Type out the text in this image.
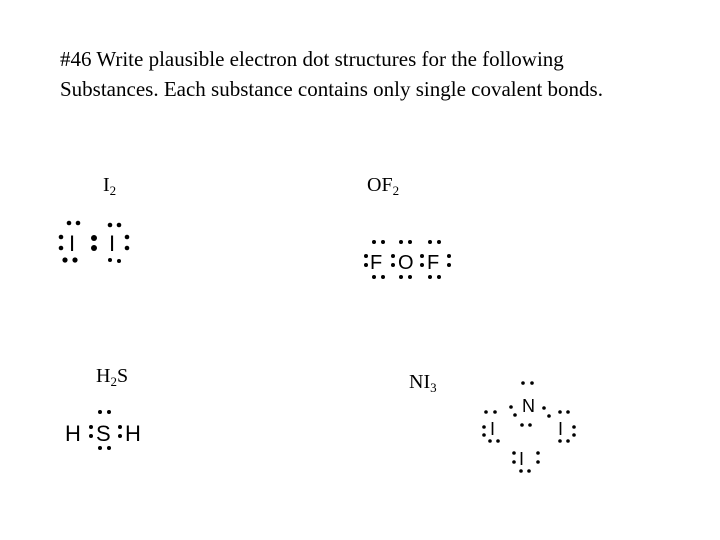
#46 Write plausible electron dot structures for the following
Substances. Each substance contains only single covalent bonds.

$I_2$	$OF_2$
$H_2S$	$NI_3$
I I
F O F
H S H
N
I	I
I
